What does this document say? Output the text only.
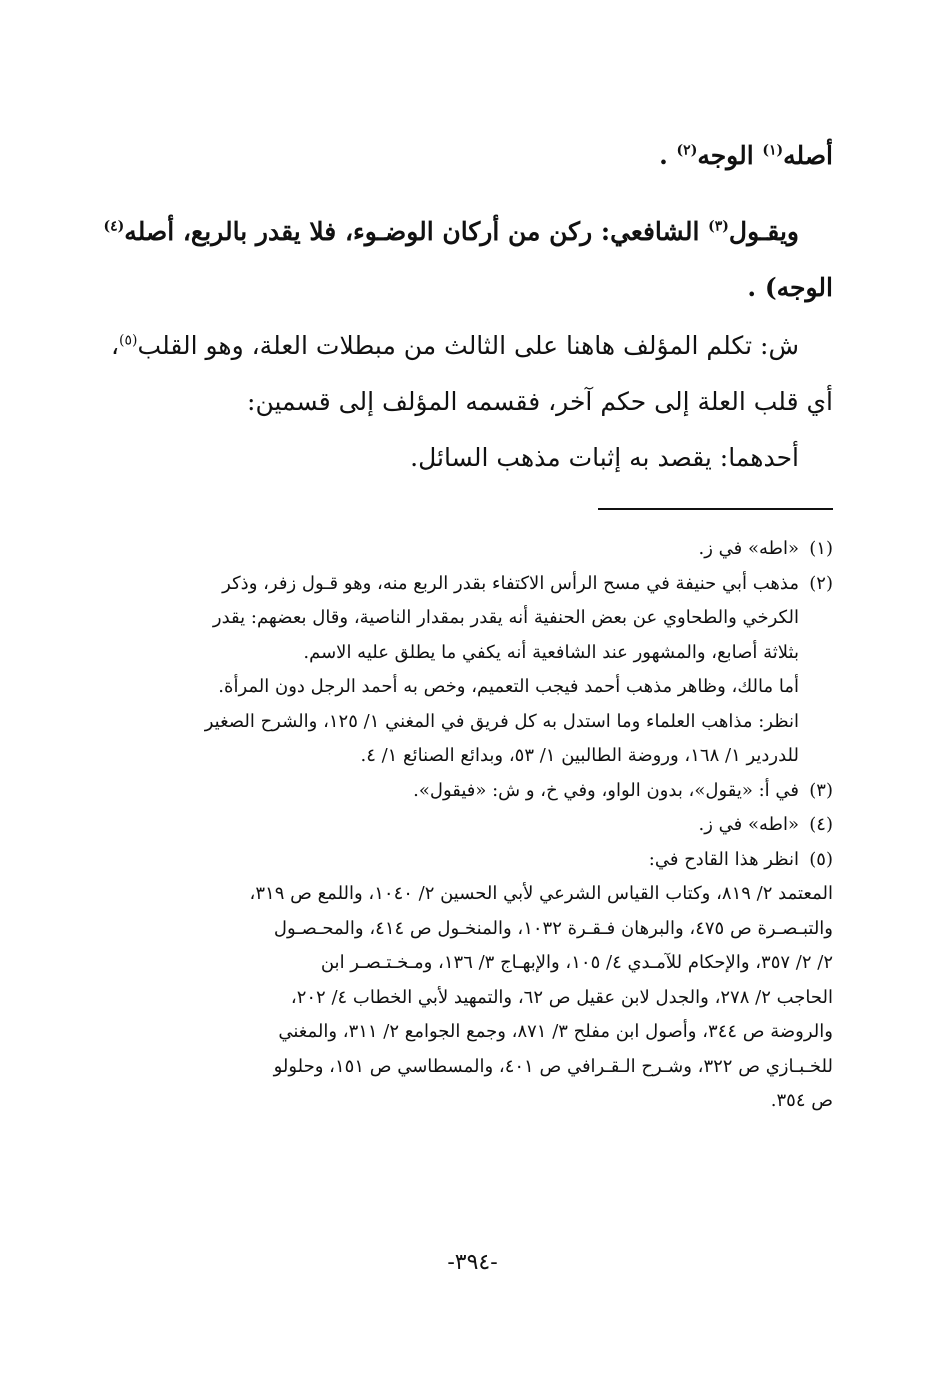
أصله$^{(١)}$ الوجه$^{(٢)}$ .
ويقـول$^{(٣)}$ الشافعي: ركن من أركان الوضـوء، فلا يقدر بالربع، أصله$^{(٤)}$
الوجه) .
ش: تكلم المؤلف هاهنا على الثالث من مبطلات العلة، وهو القلب$^{(٥)}$،
أي قلب العلة إلى حكم آخر، فقسمه المؤلف إلى قسمين:
أحدهما: يقصد به إثبات مذهب السائل.
(١)
«اطه» في ز.
(٢)
مذهب أبي حنيفة في مسح الرأس الاكتفاء بقدر الربع منه، وهو قـول زفر، وذكر
الكرخي والطحاوي عن بعض الحنفية أنه يقدر بمقدار الناصية، وقال بعضهم: يقدر
بثلاثة أصابع، والمشهور عند الشافعية أنه يكفي ما يطلق عليه الاسم.
أما مالك، وظاهر مذهب أحمد فيجب التعميم، وخص به أحمد الرجل دون المرأة.
انظر: مذاهب العلماء وما استدل به كل فريق في المغني ١/ ١٢٥، والشرح الصغير
للدردير ١/ ١٦٨، وروضة الطالبين ١/ ٥٣، وبدائع الصنائع ١/ ٤.
(٣)
في أ: «يقول»، بدون الواو، وفي خ، و ش: «فيقول».
(٤)
«اطه» في ز.
(٥)
انظر هذا القادح في:
المعتمد ٢/ ٨١٩، وكتاب القياس الشرعي لأبي الحسين ٢/ ١٠٤٠، واللمع ص ٣١٩،
والتبـصـرة ص ٤٧٥، والبرهان فـقـرة ١٠٣٢، والمنخـول ص ٤١٤، والمحـصـول
٢/ ٢/ ٣٥٧، والإحكام للآمـدي ٤/ ١٠٥، والإبهـاج ٣/ ١٣٦، ومـخـتـصـر ابن
الحاجب ٢/ ٢٧٨، والجدل لابن عقيل ص ٦٢، والتمهيد لأبي الخطاب ٤/ ٢٠٢،
والروضة ص ٣٤٤، وأصول ابن مفلح ٣/ ٨٧١، وجمع الجوامع ٢/ ٣١١، والمغني
للخـبـازي ص ٣٢٢، وشـرح الـقـرافي ص ٤٠١، والمسطاسي ص ١٥١، وحلولو
ص ٣٥٤.
-٣٩٤-
